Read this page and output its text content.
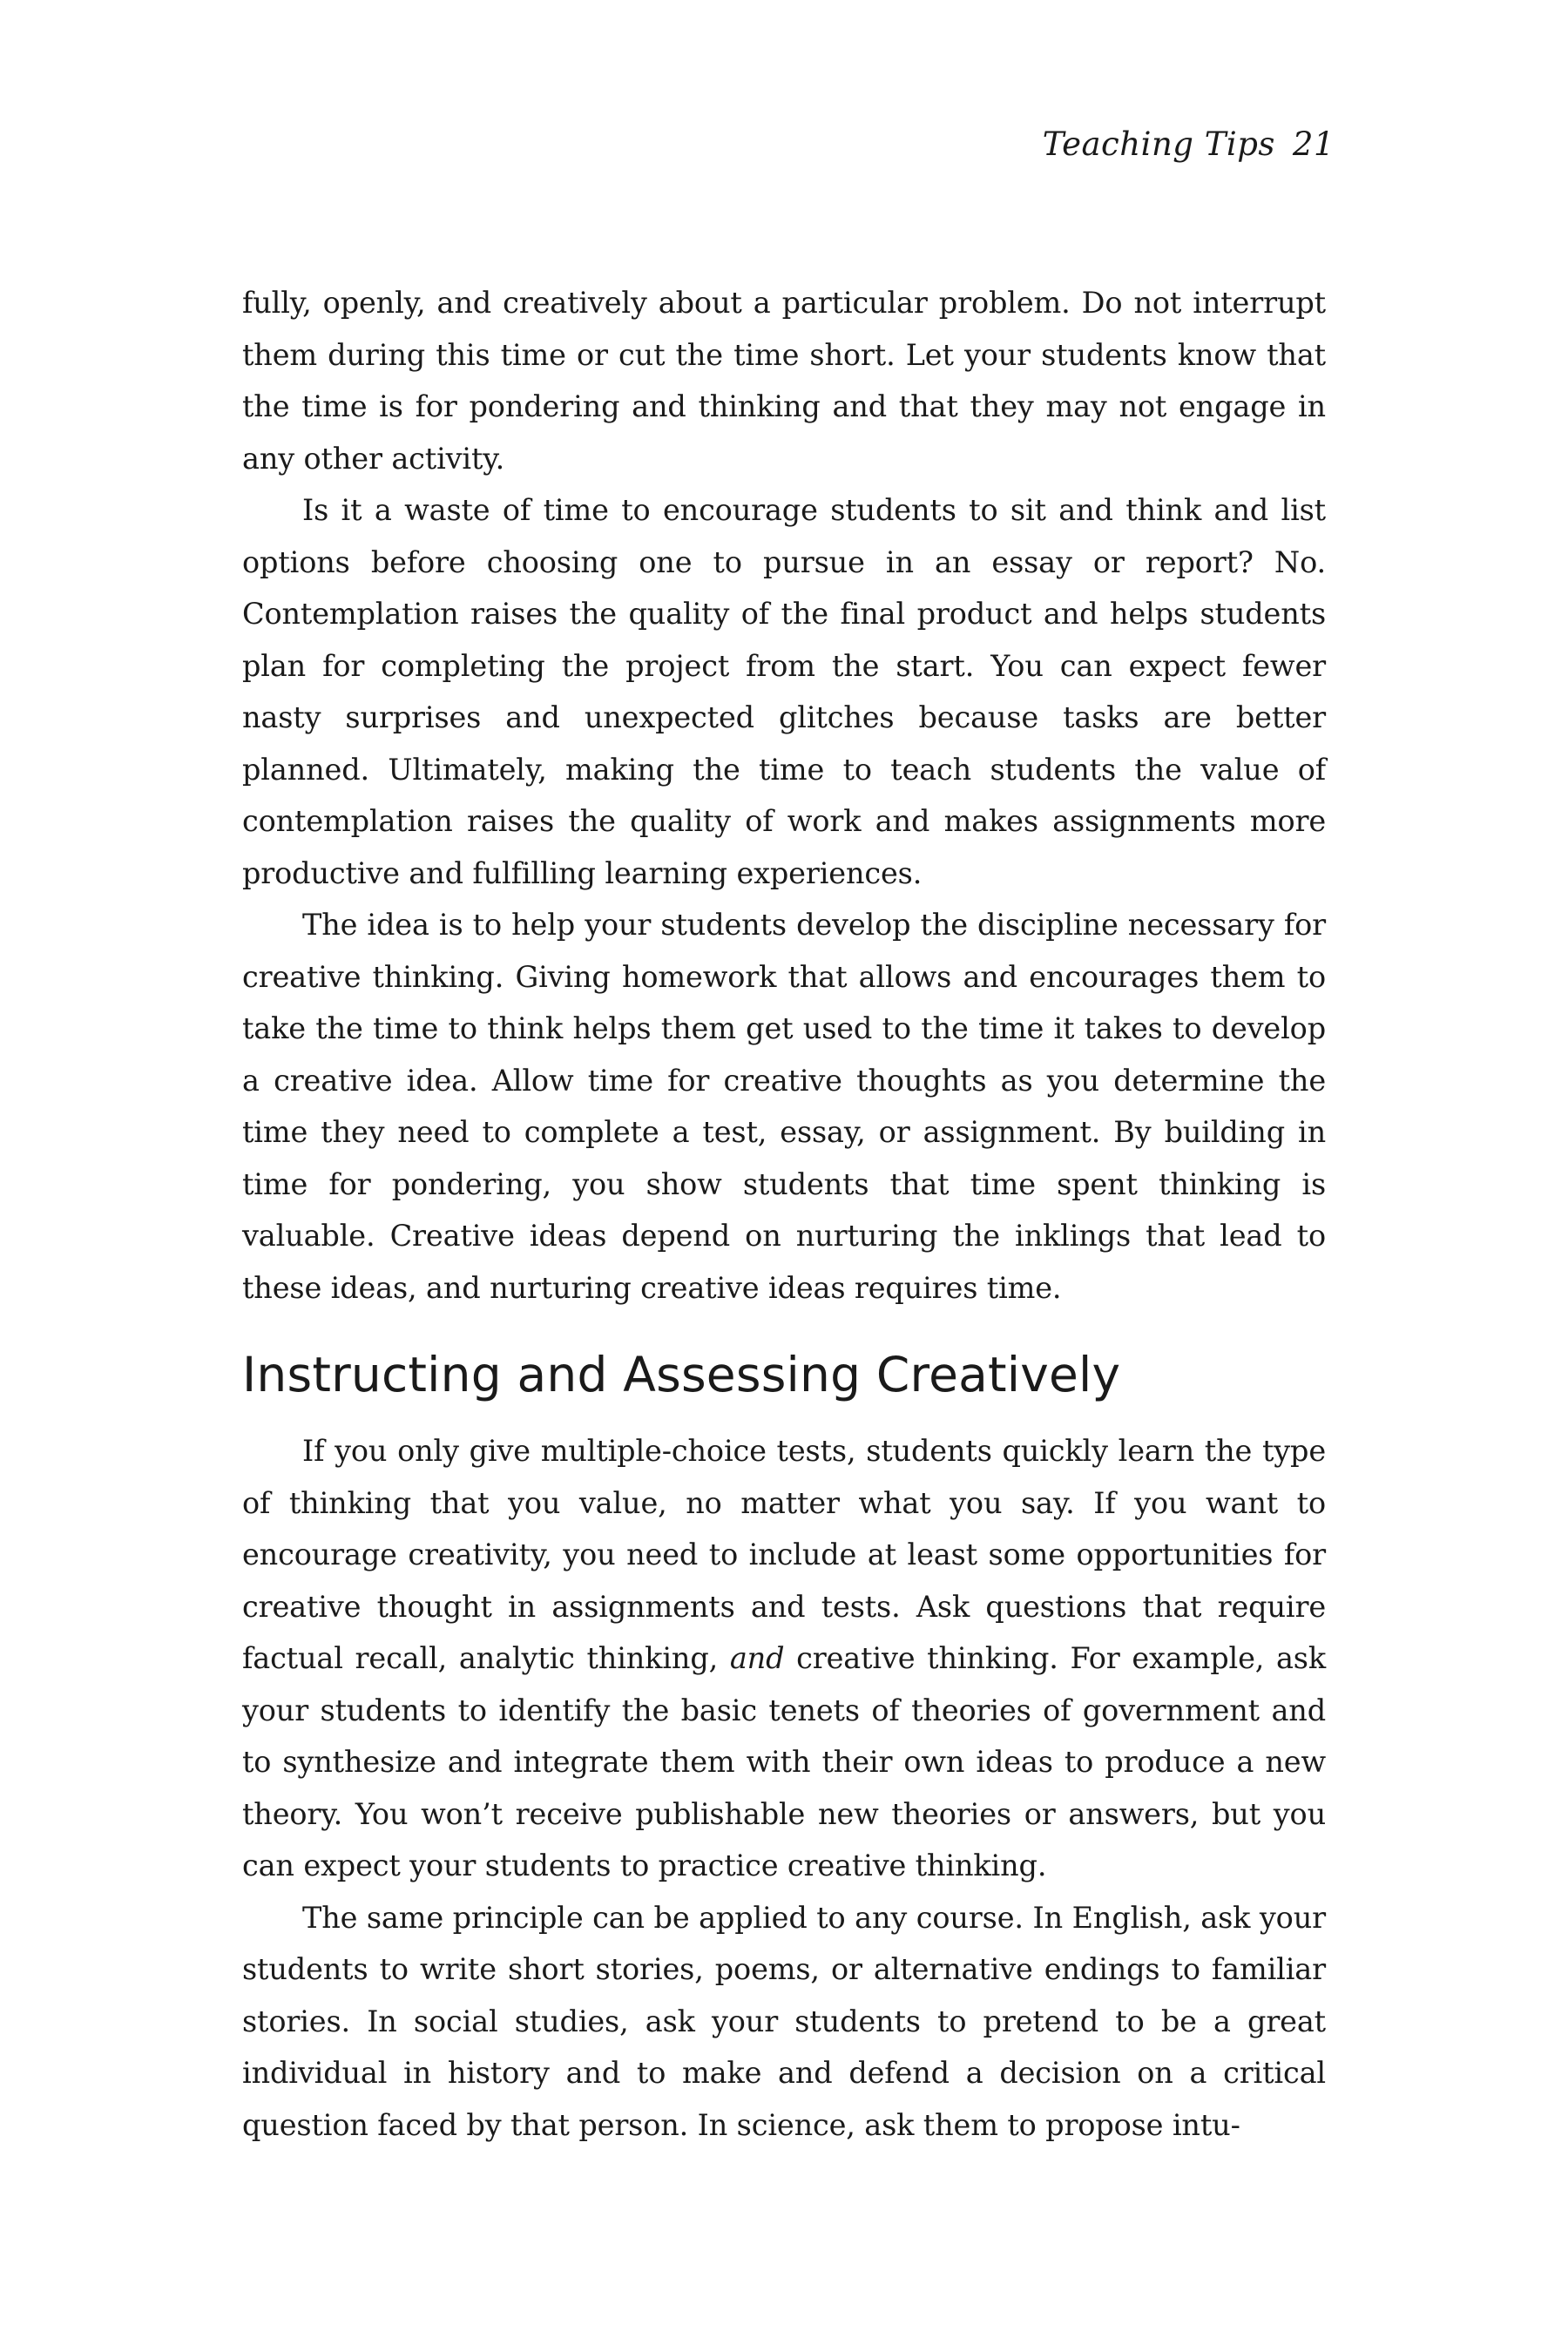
Teaching Tips 21

fully, openly, and creatively about a particular problem. Do not interrupt them during this time or cut the time short. Let your students know that the time is for pondering and thinking and that they may not engage in any other activity.

Is it a waste of time to encourage students to sit and think and list options before choosing one to pursue in an essay or report? No. Contemplation raises the quality of the final product and helps students plan for completing the project from the start. You can expect fewer nasty surprises and unexpected glitches because tasks are better planned. Ultimately, making the time to teach students the value of contemplation raises the quality of work and makes assignments more productive and fulfilling learning experiences.

The idea is to help your students develop the discipline necessary for creative thinking. Giving homework that allows and encourages them to take the time to think helps them get used to the time it takes to develop a creative idea. Allow time for creative thoughts as you determine the time they need to complete a test, essay, or assignment. By building in time for pondering, you show students that time spent thinking is valuable. Creative ideas depend on nurturing the inklings that lead to these ideas, and nurturing creative ideas requires time.

Instructing and Assessing Creatively

If you only give multiple-choice tests, students quickly learn the type of thinking that you value, no matter what you say. If you want to encourage creativity, you need to include at least some opportunities for creative thought in assignments and tests. Ask questions that require factual recall, analytic thinking, and creative thinking. For example, ask your students to identify the basic tenets of theories of government and to synthesize and integrate them with their own ideas to produce a new theory. You won’t receive publishable new theories or answers, but you can expect your students to practice creative thinking.

The same principle can be applied to any course. In English, ask your students to write short stories, poems, or alternative endings to familiar stories. In social studies, ask your students to pretend to be a great individual in history and to make and defend a decision on a critical question faced by that person. In science, ask them to propose intu-
